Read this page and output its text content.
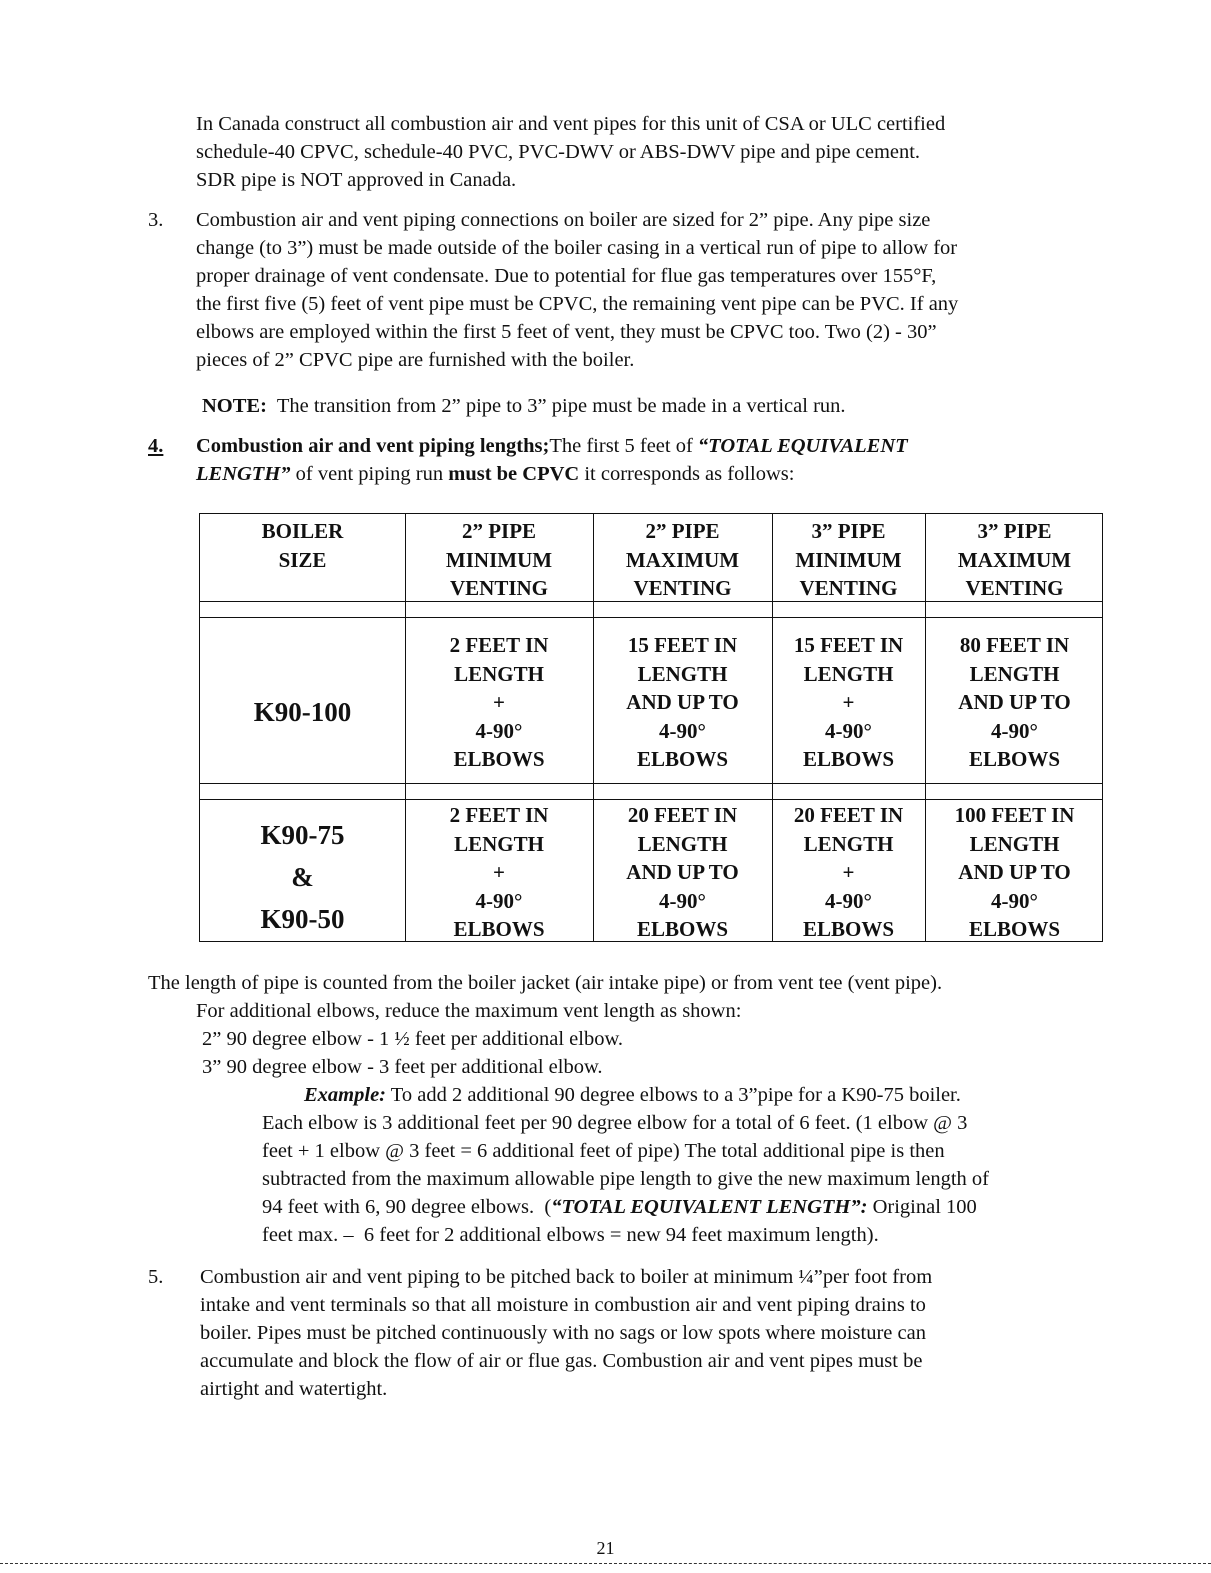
In Canada construct all combustion air and vent pipes for this unit of CSA or ULC certified
schedule-40 CPVC, schedule-40 PVC, PVC-DWV or ABS-DWV pipe and pipe cement.
SDR pipe is NOT approved in Canada.
3. Combustion air and vent piping connections on boiler are sized for 2” pipe. Any pipe size
change (to 3”) must be made outside of the boiler casing in a vertical run of pipe to allow for
proper drainage of vent condensate. Due to potential for flue gas temperatures over 155°F,
the first five (5) feet of vent pipe must be CPVC, the remaining vent pipe can be PVC. If any
elbows are employed within the first 5 feet of vent, they must be CPVC too. Two (2) - 30”
pieces of 2” CPVC pipe are furnished with the boiler.
NOTE:  The transition from 2” pipe to 3” pipe must be made in a vertical run.
4. Combustion air and vent piping lengths;The first 5 feet of “TOTAL EQUIVALENT
LENGTH” of vent piping run must be CPVC it corresponds as follows:
BOILER
SIZE
2” PIPE
MINIMUM
VENTING
2” PIPE
MAXIMUM
VENTING
3” PIPE
MINIMUM
VENTING
3” PIPE
MAXIMUM
VENTING
K90-100
2 FEET IN
LENGTH
+
4-90°
ELBOWS
15 FEET IN
LENGTH
AND UP TO
4-90°
ELBOWS
15 FEET IN
LENGTH
+
4-90°
ELBOWS
80 FEET IN
LENGTH
AND UP TO
4-90°
ELBOWS
K90-75
&
K90-50
2 FEET IN
LENGTH
+
4-90°
ELBOWS
20 FEET IN
LENGTH
AND UP TO
4-90°
ELBOWS
20 FEET IN
LENGTH
+
4-90°
ELBOWS
100 FEET IN
LENGTH
AND UP TO
4-90°
ELBOWS
The length of pipe is counted from the boiler jacket (air intake pipe) or from vent tee (vent pipe).
For additional elbows, reduce the maximum vent length as shown:
2” 90 degree elbow - 1 ½ feet per additional elbow.
3” 90 degree elbow - 3 feet per additional elbow.
Example: To add 2 additional 90 degree elbows to a 3”pipe for a K90-75 boiler.
Each elbow is 3 additional feet per 90 degree elbow for a total of 6 feet. (1 elbow @ 3
feet + 1 elbow @ 3 feet = 6 additional feet of pipe) The total additional pipe is then
subtracted from the maximum allowable pipe length to give the new maximum length of
94 feet with 6, 90 degree elbows.  (“TOTAL EQUIVALENT LENGTH”: Original 100
feet max. –  6 feet for 2 additional elbows = new 94 feet maximum length).
5. Combustion air and vent piping to be pitched back to boiler at minimum ¼”per foot from
intake and vent terminals so that all moisture in combustion air and vent piping drains to
boiler. Pipes must be pitched continuously with no sags or low spots where moisture can
accumulate and block the flow of air or flue gas. Combustion air and vent pipes must be
airtight and watertight.
21
